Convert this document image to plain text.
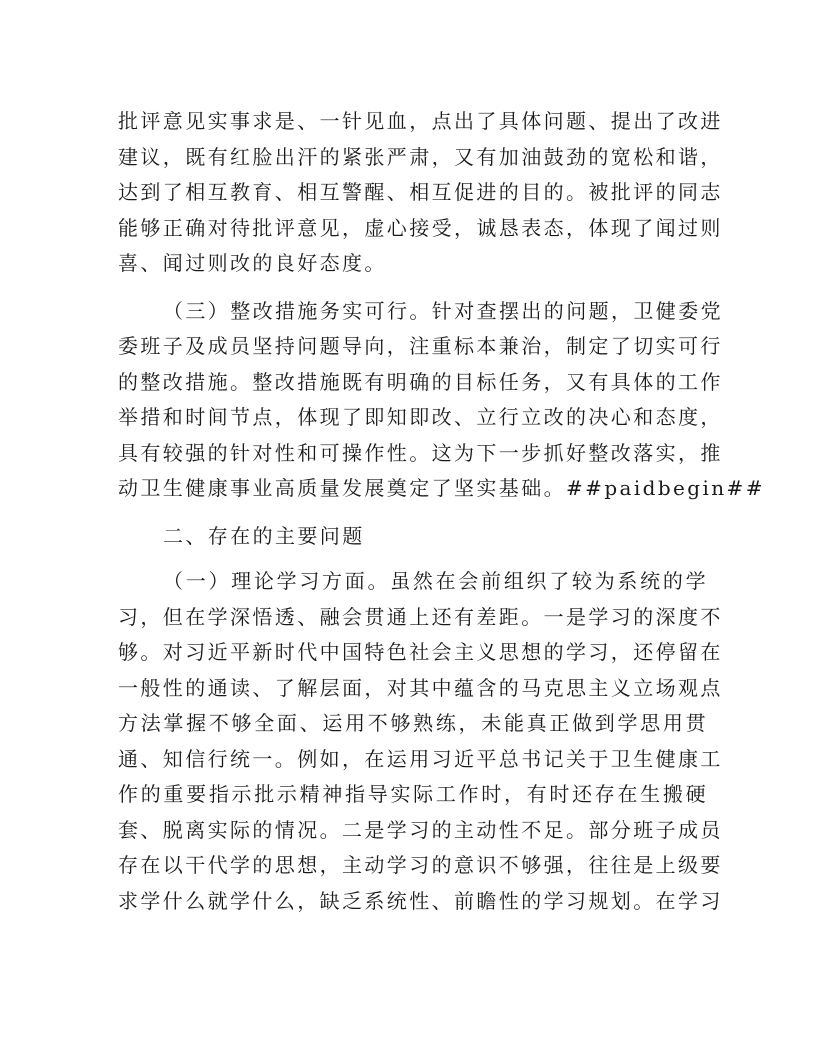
批评意见实事求是、一针见血，点出了具体问题、提出了改进
建议，既有红脸出汗的紧张严肃，又有加油鼓劲的宽松和谐，
达到了相互教育、相互警醒、相互促进的目的。被批评的同志
能够正确对待批评意见，虚心接受，诚恳表态，体现了闻过则
喜、闻过则改的良好态度。
（三）整改措施务实可行。针对查摆出的问题，卫健委党
委班子及成员坚持问题导向，注重标本兼治，制定了切实可行
的整改措施。整改措施既有明确的目标任务，又有具体的工作
举措和时间节点，体现了即知即改、立行立改的决心和态度，
具有较强的针对性和可操作性。这为下一步抓好整改落实，推
动卫生健康事业高质量发展奠定了坚实基础。##paidbegin##
二、存在的主要问题
（一）理论学习方面。虽然在会前组织了较为系统的学
习，但在学深悟透、融会贯通上还有差距。一是学习的深度不
够。对习近平新时代中国特色社会主义思想的学习，还停留在
一般性的通读、了解层面，对其中蕴含的马克思主义立场观点
方法掌握不够全面、运用不够熟练，未能真正做到学思用贯
通、知信行统一。例如，在运用习近平总书记关于卫生健康工
作的重要指示批示精神指导实际工作时，有时还存在生搬硬
套、脱离实际的情况。二是学习的主动性不足。部分班子成员
存在以干代学的思想，主动学习的意识不够强，往往是上级要
求学什么就学什么，缺乏系统性、前瞻性的学习规划。在学习
